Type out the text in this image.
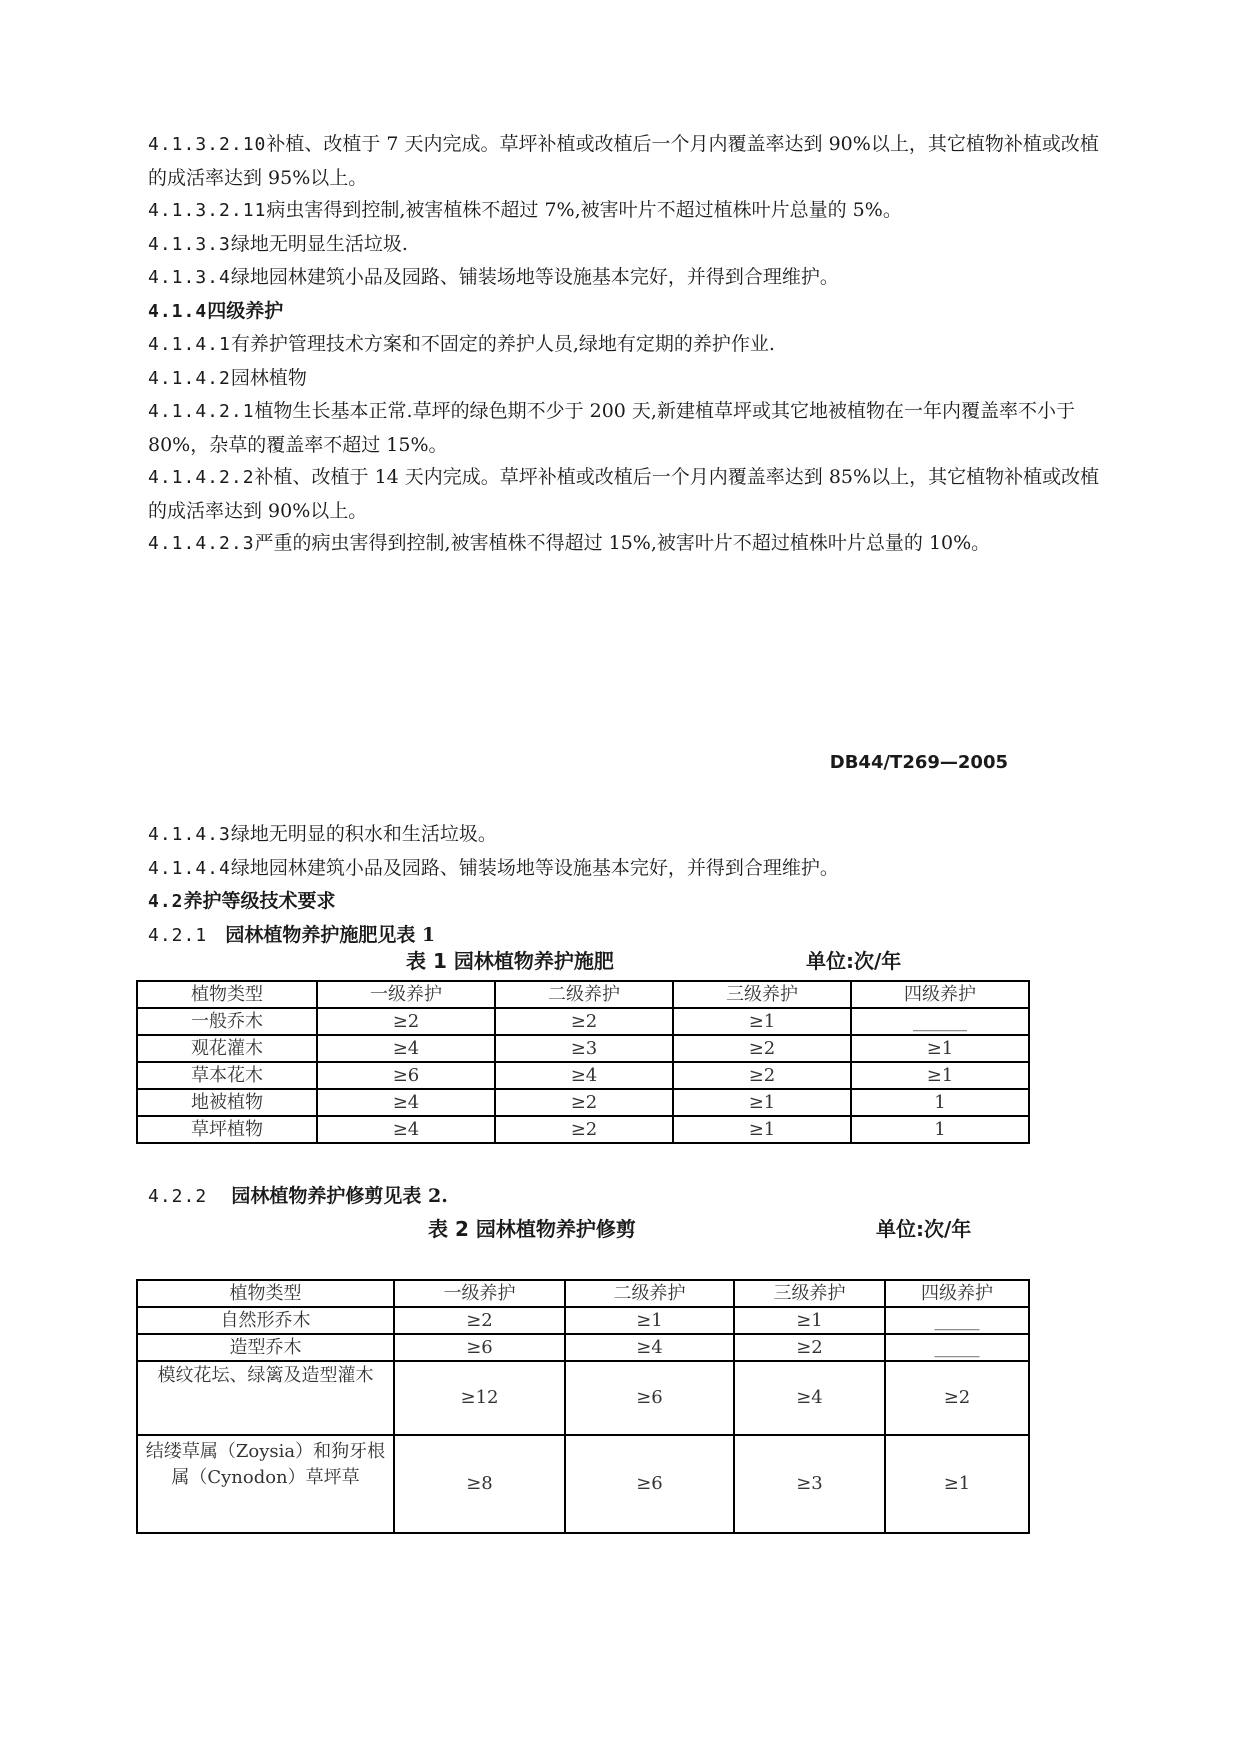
4.1.3.2.10补植、改植于 7 天内完成。草坪补植或改植后一个月内覆盖率达到 90%以上，其它植物补植或改植的成活率达到 95%以上。

4.1.3.2.11病虫害得到控制,被害植株不超过 7%,被害叶片不超过植株叶片总量的 5%。

4.1.3.3绿地无明显生活垃圾.

4.1.3.4绿地园林建筑小品及园路、铺装场地等设施基本完好，并得到合理维护。

4.1.4四级养护

4.1.4.1有养护管理技术方案和不固定的养护人员,绿地有定期的养护作业.

4.1.4.2园林植物

4.1.4.2.1植物生长基本正常.草坪的绿色期不少于 200 天,新建植草坪或其它地被植物在一年内覆盖率不小于 80%，杂草的覆盖率不超过 15%。

4.1.4.2.2补植、改植于 14 天内完成。草坪补植或改植后一个月内覆盖率达到 85%以上，其它植物补植或改植的成活率达到 90%以上。

4.1.4.2.3严重的病虫害得到控制,被害植株不得超过 15%,被害叶片不超过植株叶片总量的 10%。

DB44/T269—2005

4.1.4.3绿地无明显的积水和生活垃圾。

4.1.4.4绿地园林建筑小品及园路、铺装场地等设施基本完好，并得到合理维护。

4.2养护等级技术要求

4.2.1 园林植物养护施肥见表 1

表 1 园林植物养护施肥	单位:次/年
植物类型	一级养护	二级养护	三级养护	四级养护
一般乔木	≥2	≥2	≥1	______
观花灌木	≥4	≥3	≥2	≥1
草本花木	≥6	≥4	≥2	≥1
地被植物	≥4	≥2	≥1	1
草坪植物	≥4	≥2	≥1	1

4.2.2 园林植物养护修剪见表 2.

表 2 园林植物养护修剪	单位:次/年
植物类型	一级养护	二级养护	三级养护	四级养护
自然形乔木	≥2	≥1	≥1	_____
造型乔木	≥6	≥4	≥2	_____
模纹花坛、绿篱及造型灌木	≥12	≥6	≥4	≥2
结缕草属（Zoysia）和狗牙根属（Cynodon）草坪草	≥8	≥6	≥3	≥1
